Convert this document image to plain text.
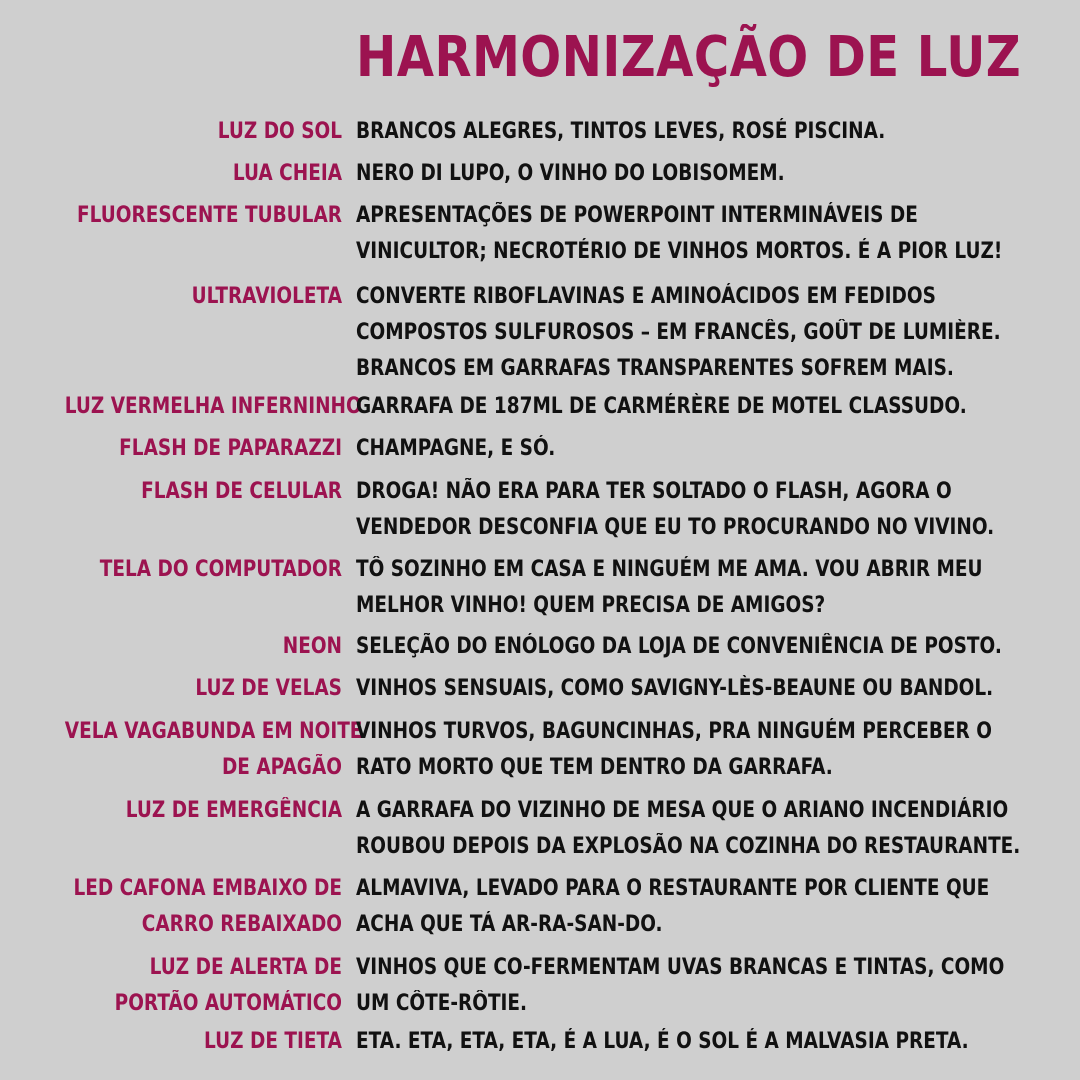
HARMONIZAÇÃO DE LUZ
LUZ DO SOL BRANCOS ALEGRES, TINTOS LEVES, ROSÉ PISCINA.
LUA CHEIA NERO DI LUPO, O VINHO DO LOBISOMEM.
FLUORESCENTE TUBULAR APRESENTAÇÕES DE POWERPOINT INTERMINÁVEIS DE
VINICULTOR; NECROTÉRIO DE VINHOS MORTOS. É A PIOR LUZ!
ULTRAVIOLETA CONVERTE RIBOFLAVINAS E AMINOÁCIDOS EM FEDIDOS
COMPOSTOS SULFUROSOS – EM FRANCÊS, GOÛT DE LUMIÈRE.
BRANCOS EM GARRAFAS TRANSPARENTES SOFREM MAIS.
LUZ VERMELHA INFERNINHO
GARRAFA DE 187ML DE CARMÉRÈRE DE MOTEL CLASSUDO.
FLASH DE PAPARAZZI CHAMPAGNE, E SÓ.
FLASH DE CELULAR DROGA! NÃO ERA PARA TER SOLTADO O FLASH, AGORA O
VENDEDOR DESCONFIA QUE EU TO PROCURANDO NO VIVINO.
TELA DO COMPUTADOR TÔ SOZINHO EM CASA E NINGUÉM ME AMA. VOU ABRIR MEU
MELHOR VINHO! QUEM PRECISA DE AMIGOS?
NEON SELEÇÃO DO ENÓLOGO DA LOJA DE CONVENIÊNCIA DE POSTO.
LUZ DE VELAS VINHOS SENSUAIS, COMO SAVIGNY-LÈS-BEAUNE OU BANDOL.
VELA VAGABUNDA EM NOITE
DE APAGÃO
VINHOS TURVOS, BAGUNCINHAS, PRA NINGUÉM PERCEBER O
RATO MORTO QUE TEM DENTRO DA GARRAFA.
LUZ DE EMERGÊNCIA A GARRAFA DO VIZINHO DE MESA QUE O ARIANO INCENDIÁRIO
ROUBOU DEPOIS DA EXPLOSÃO NA COZINHA DO RESTAURANTE.
LED CAFONA EMBAIXO DE
CARRO REBAIXADO
ALMAVIVA, LEVADO PARA O RESTAURANTE POR CLIENTE QUE
ACHA QUE TÁ AR-RA-SAN-DO.
LUZ DE ALERTA DE
PORTÃO AUTOMÁTICO
VINHOS QUE CO-FERMENTAM UVAS BRANCAS E TINTAS, COMO
UM CÔTE-RÔTIE.
LUZ DE TIETA ETA. ETA, ETA, ETA, É A LUA, É O SOL É A MALVASIA PRETA.
